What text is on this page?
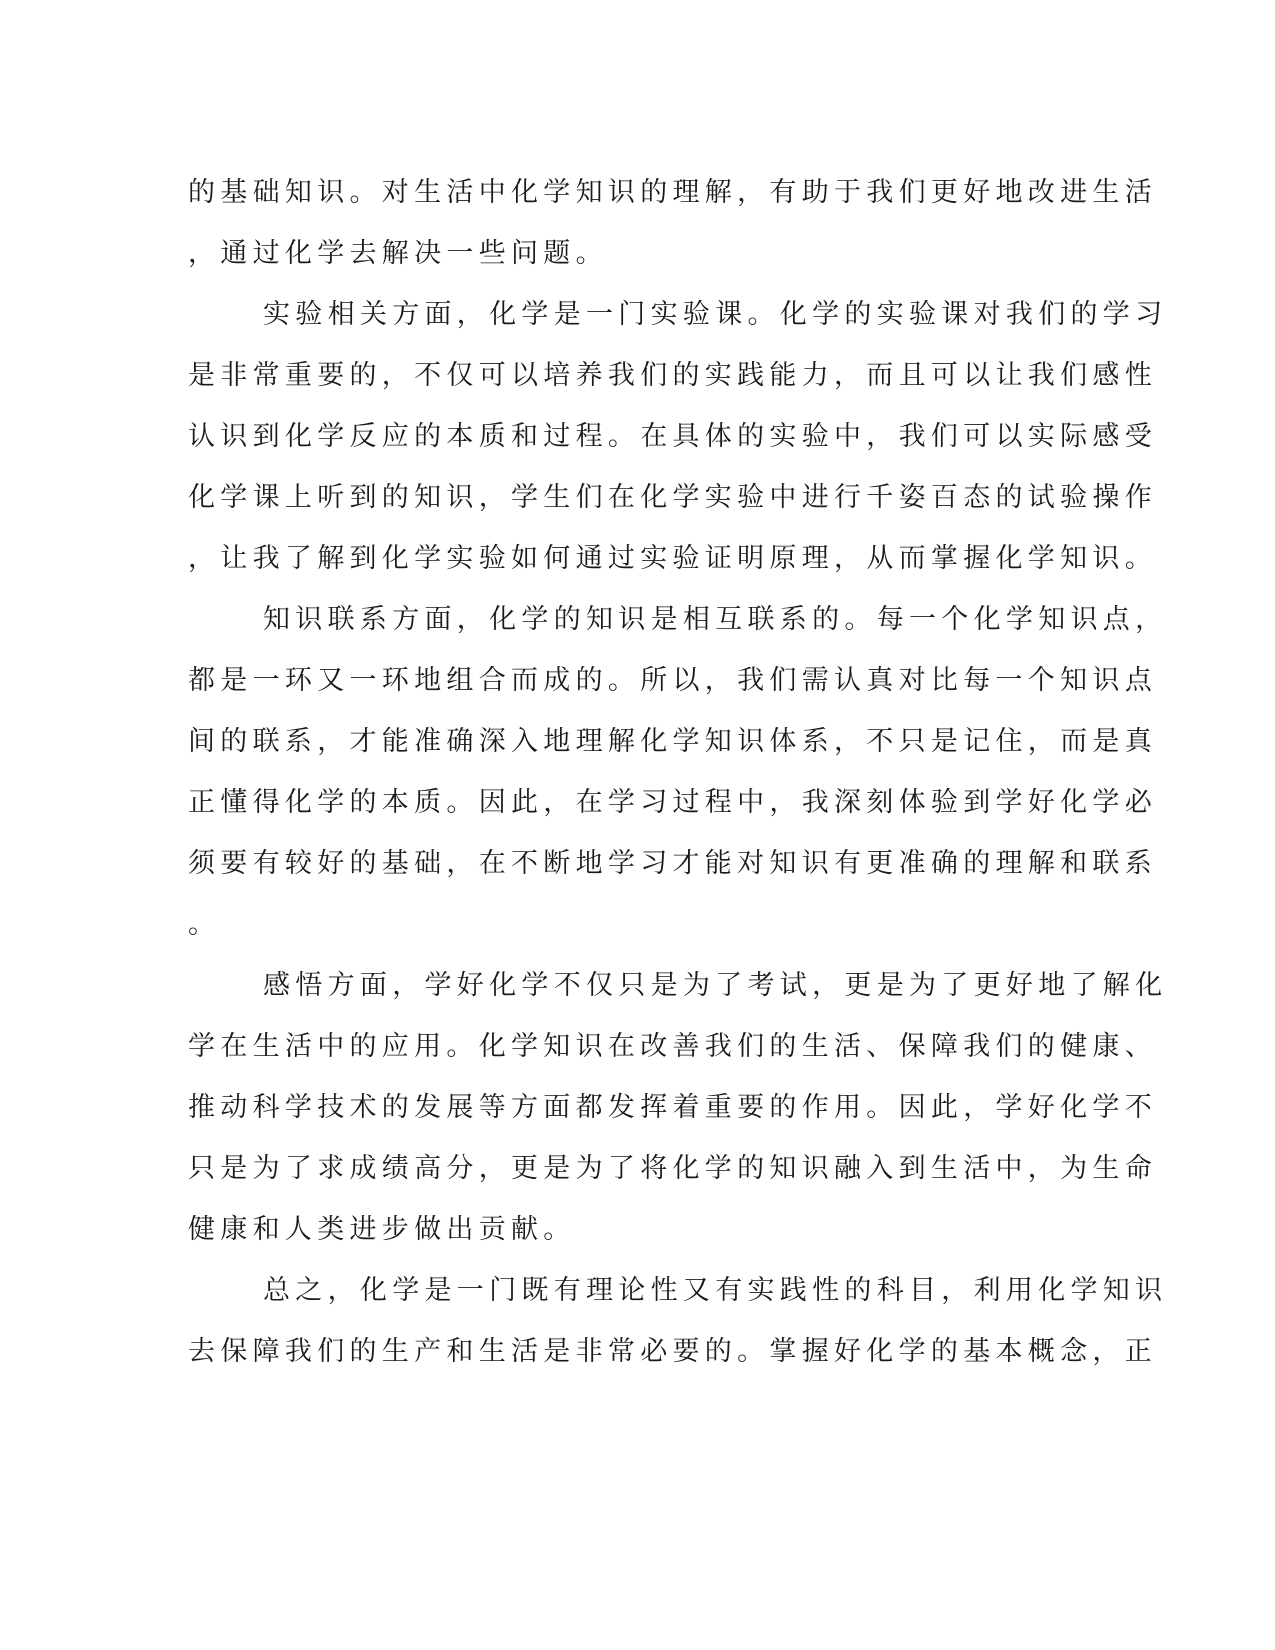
的基础知识。对生活中化学知识的理解，有助于我们更好地改进生活
，通过化学去解决一些问题。
实验相关方面，化学是一门实验课。化学的实验课对我们的学习
是非常重要的，不仅可以培养我们的实践能力，而且可以让我们感性
认识到化学反应的本质和过程。在具体的实验中，我们可以实际感受
化学课上听到的知识，学生们在化学实验中进行千姿百态的试验操作
，让我了解到化学实验如何通过实验证明原理，从而掌握化学知识。
知识联系方面，化学的知识是相互联系的。每一个化学知识点，
都是一环又一环地组合而成的。所以，我们需认真对比每一个知识点
间的联系，才能准确深入地理解化学知识体系，不只是记住，而是真
正懂得化学的本质。因此，在学习过程中，我深刻体验到学好化学必
须要有较好的基础，在不断地学习才能对知识有更准确的理解和联系
。
感悟方面，学好化学不仅只是为了考试，更是为了更好地了解化
学在生活中的应用。化学知识在改善我们的生活、保障我们的健康、
推动科学技术的发展等方面都发挥着重要的作用。因此，学好化学不
只是为了求成绩高分，更是为了将化学的知识融入到生活中，为生命
健康和人类进步做出贡献。
总之，化学是一门既有理论性又有实践性的科目，利用化学知识
去保障我们的生产和生活是非常必要的。掌握好化学的基本概念，正
